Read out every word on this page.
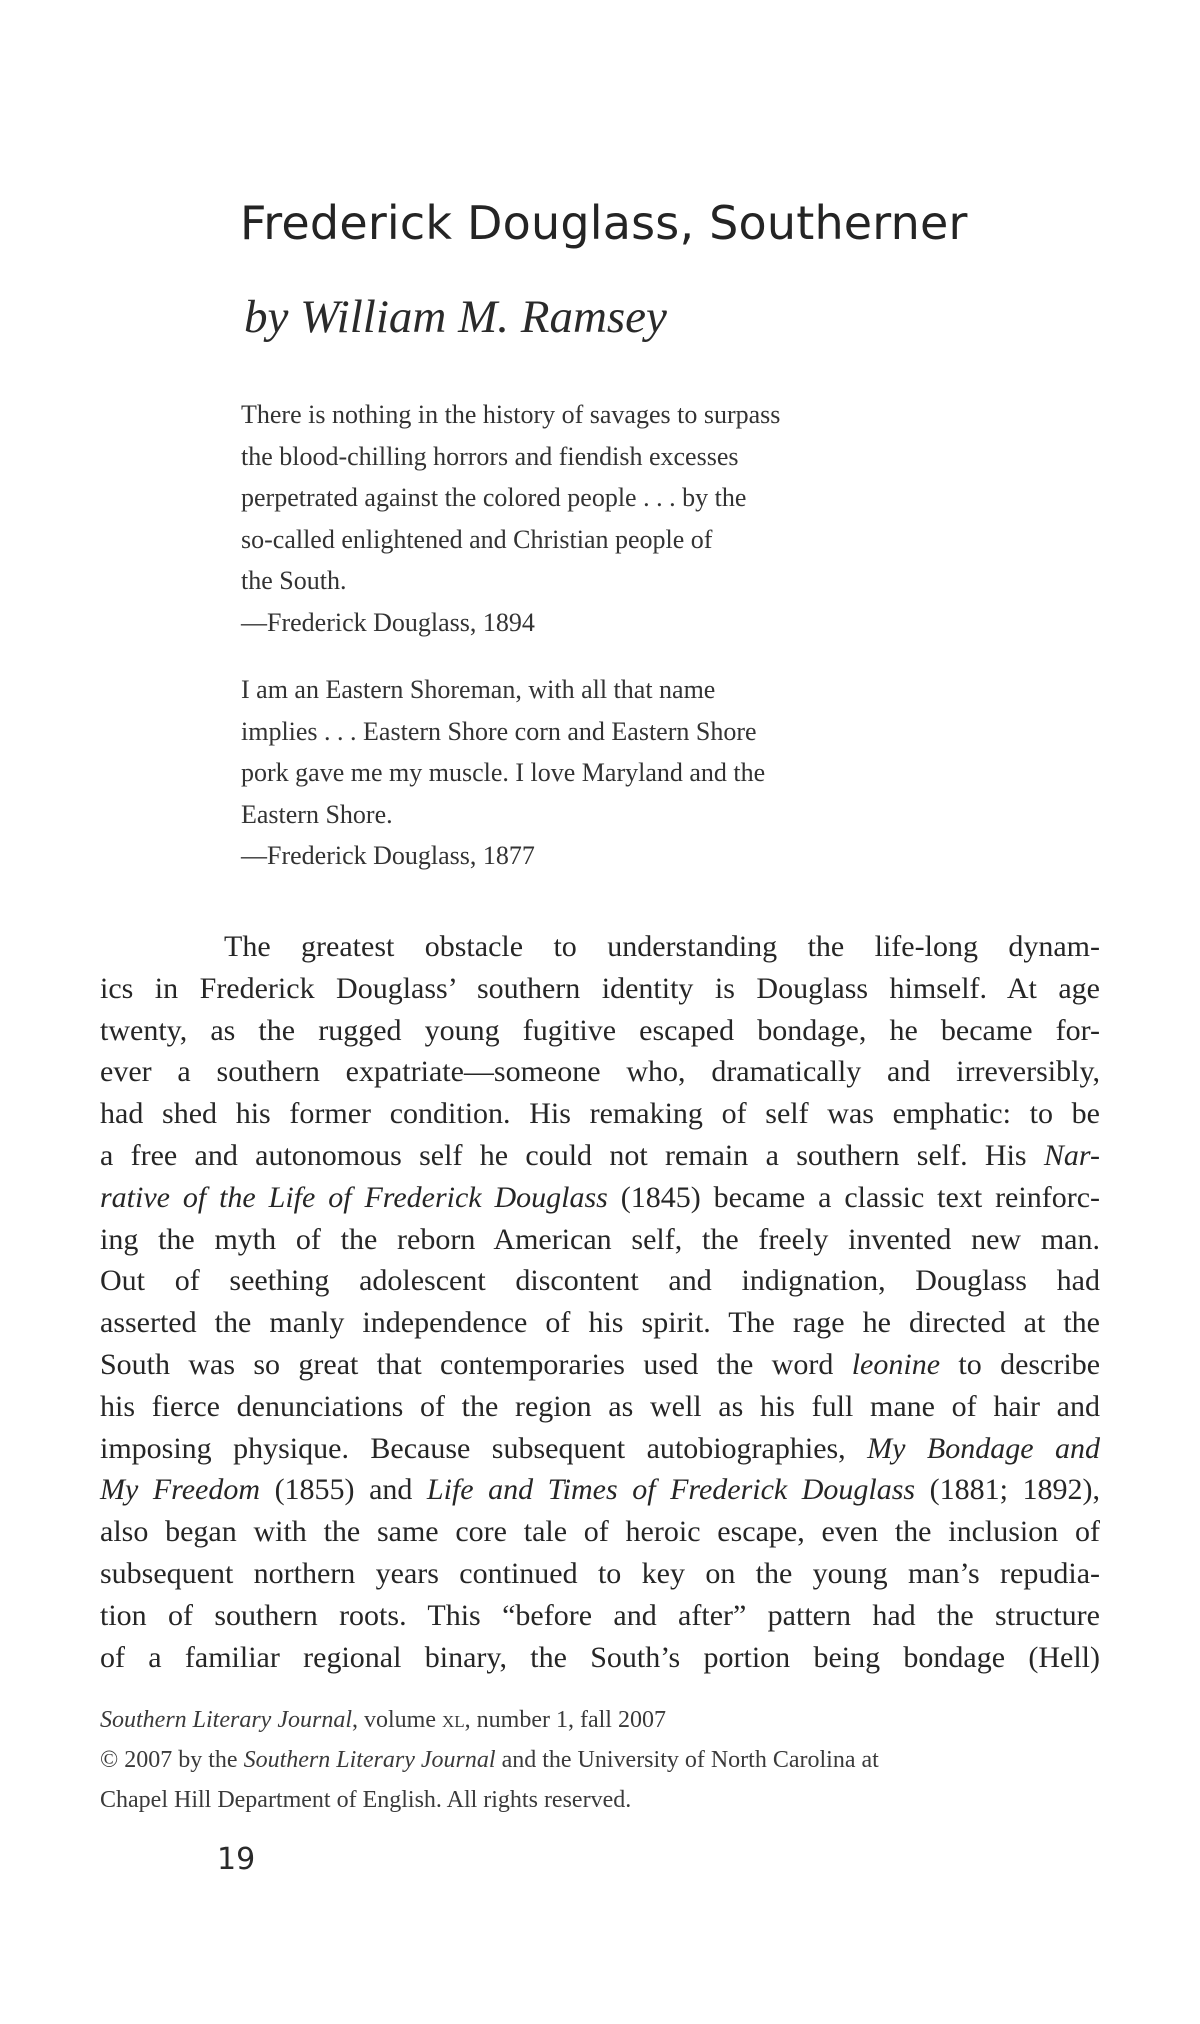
Frederick Douglass, Southerner
by William M. Ramsey
There is nothing in the history of savages to surpass
the blood-chilling horrors and fiendish excesses
perpetrated against the colored people . . . by the
so-called enlightened and Christian people of
the South.
—Frederick Douglass, 1894
I am an Eastern Shoreman, with all that name
implies . . . Eastern Shore corn and Eastern Shore
pork gave me my muscle. I love Maryland and the
Eastern Shore.
—Frederick Douglass, 1877
The greatest obstacle to understanding the life-long dynam-
ics in Frederick Douglass’ southern identity is Douglass himself. At age
twenty, as the rugged young fugitive escaped bondage, he became for-
ever a southern expatriate—someone who, dramatically and irreversibly,
had shed his former condition. His remaking of self was emphatic: to be
a free and autonomous self he could not remain a southern self. His Nar-
rative of the Life of Frederick Douglass (1845) became a classic text reinforc-
ing the myth of the reborn American self, the freely invented new man.
Out of seething adolescent discontent and indignation, Douglass had
asserted the manly independence of his spirit. The rage he directed at the
South was so great that contemporaries used the word leonine to describe
his fierce denunciations of the region as well as his full mane of hair and
imposing physique. Because subsequent autobiographies, My Bondage and
My Freedom (1855) and Life and Times of Frederick Douglass (1881; 1892),
also began with the same core tale of heroic escape, even the inclusion of
subsequent northern years continued to key on the young man’s repudia-
tion of southern roots. This “before and after” pattern had the structure
of a familiar regional binary, the South’s portion being bondage (Hell)
Southern Literary Journal, volume xl, number 1, fall 2007
© 2007 by the Southern Literary Journal and the University of North Carolina at
Chapel Hill Department of English. All rights reserved.
19
